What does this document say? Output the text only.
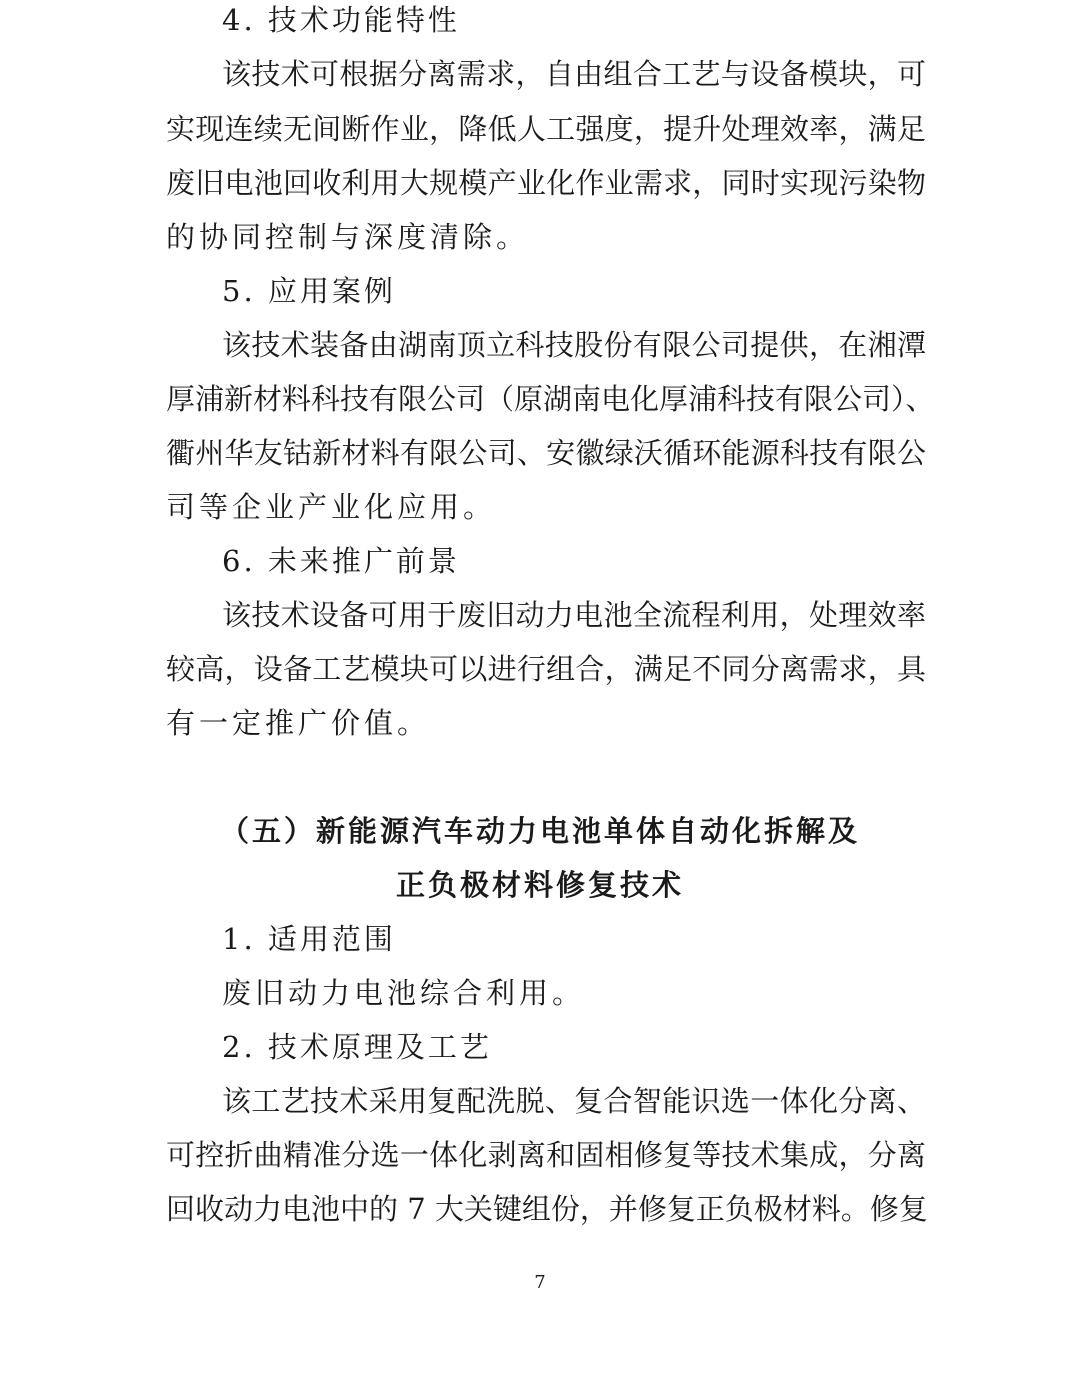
4. 技术功能特性
该技术可根据分离需求，自由组合工艺与设备模块，可
实现连续无间断作业，降低人工强度，提升处理效率，满足
废旧电池回收利用大规模产业化作业需求，同时实现污染物
的协同控制与深度清除。
5. 应用案例
该技术装备由湖南顶立科技股份有限公司提供，在湘潭
厚浦新材料科技有限公司（原湖南电化厚浦科技有限公司）、
衢州华友钴新材料有限公司、安徽绿沃循环能源科技有限公
司等企业产业化应用。
6. 未来推广前景
该技术设备可用于废旧动力电池全流程利用，处理效率
较高，设备工艺模块可以进行组合，满足不同分离需求，具
有一定推广价值。
（五）新能源汽车动力电池单体自动化拆解及
正负极材料修复技术
1. 适用范围
废旧动力电池综合利用。
2. 技术原理及工艺
该工艺技术采用复配洗脱、复合智能识选一体化分离、
可控折曲精准分选一体化剥离和固相修复等技术集成，分离
回收动力电池中的 7 大关键组份，并修复正负极材料。修复
7
